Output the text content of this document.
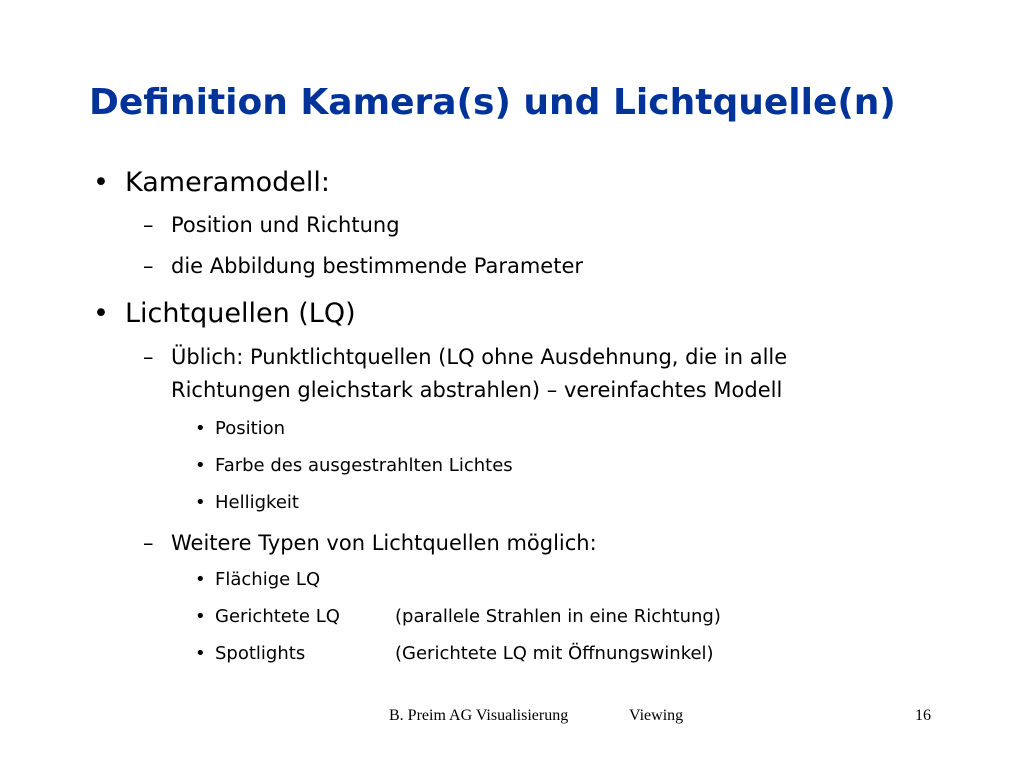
Definition Kamera(s) und Lichtquelle(n)
• Kameramodell:
– Position und Richtung
– die Abbildung bestimmende Parameter
• Lichtquellen (LQ)
– Üblich: Punktlichtquellen (LQ ohne Ausdehnung, die in alle
Richtungen gleichstark abstrahlen) – vereinfachtes Modell
• Position
• Farbe des ausgestrahlten Lichtes
• Helligkeit
– Weitere Typen von Lichtquellen möglich:
• Flächige LQ
• Gerichtete LQ	(parallele Strahlen in eine Richtung)
• Spotlights	(Gerichtete LQ mit Öffnungswinkel)
B. Preim AG Visualisierung	Viewing	16
